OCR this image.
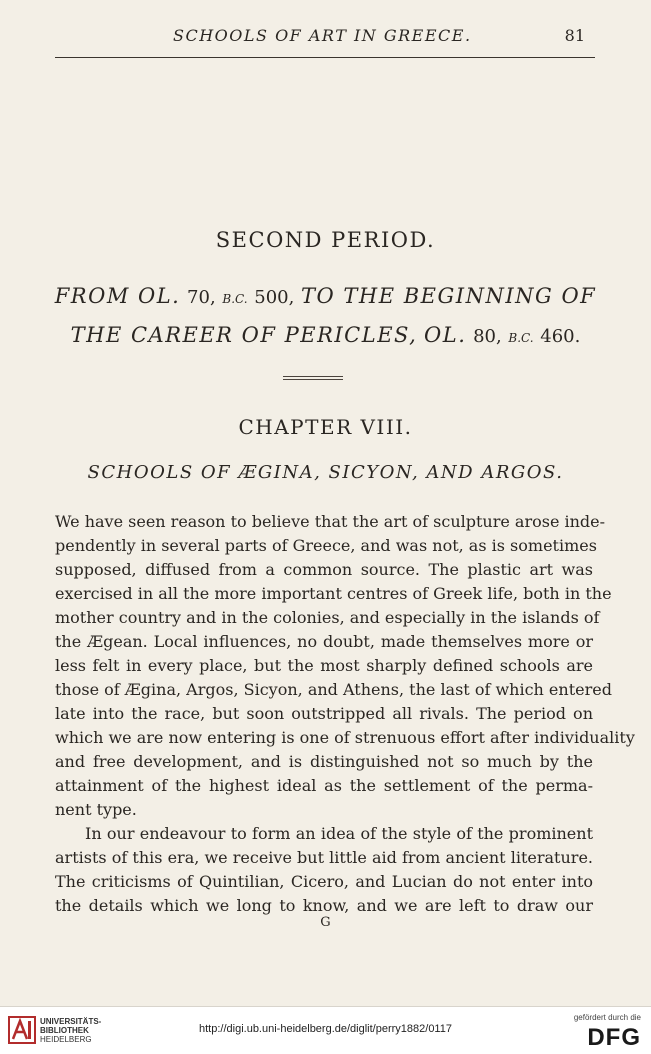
SCHOOLS OF ART IN GREECE.	81
SECOND PERIOD.
FROM OL. 70, B.C. 500, TO THE BEGINNING OF
THE CAREER OF PERICLES, OL. 80, B.C. 460.
CHAPTER VIII.
SCHOOLS OF ÆGINA, SICYON, AND ARGOS.
We have seen reason to believe that the art of sculpture arose inde-
pendently in several parts of Greece, and was not, as is sometimes
supposed, diffused from a common source. The plastic art was
exercised in all the more important centres of Greek life, both in the
mother country and in the colonies, and especially in the islands of
the Ægean. Local influences, no doubt, made themselves more or
less felt in every place, but the most sharply defined schools are
those of Ægina, Argos, Sicyon, and Athens, the last of which entered
late into the race, but soon outstripped all rivals. The period on
which we are now entering is one of strenuous effort after individuality
and free development, and is distinguished not so much by the
attainment of the highest ideal as the settlement of the perma-
nent type.
In our endeavour to form an idea of the style of the prominent
artists of this era, we receive but little aid from ancient literature.
The criticisms of Quintilian, Cicero, and Lucian do not enter into
the details which we long to know, and we are left to draw our
G
UNIVERSITÄTS-
BIBLIOTHEK
HEIDELBERG
http://digi.ub.uni-heidelberg.de/diglit/perry1882/0117
gefördert durch die
DFG
